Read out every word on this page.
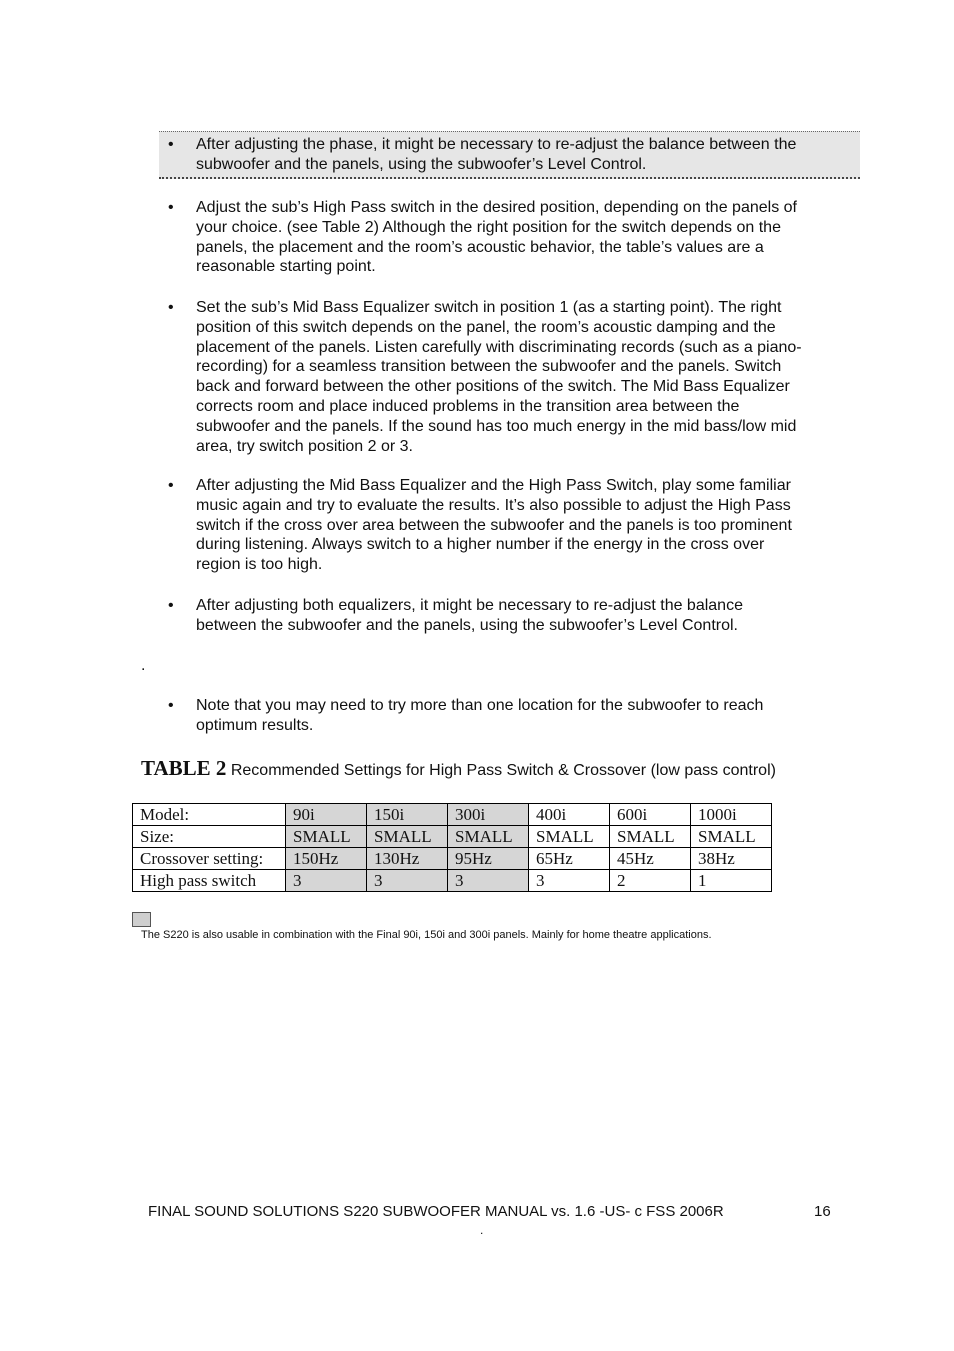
• After adjusting the phase, it might be necessary to re-adjust the balance between the
subwoofer and the panels, using the subwoofer’s Level Control.
• Adjust the sub’s High Pass switch in the desired position, depending on the panels of
your choice. (see Table 2) Although the right position for the switch depends on the
panels, the placement and the room’s acoustic behavior, the table’s values are a
reasonable starting point.
• Set the sub’s Mid Bass Equalizer switch in position 1 (as a starting point). The right
position of this switch depends on the panel, the room’s acoustic damping and the
placement of the panels. Listen carefully with discriminating records (such as a piano-
recording) for a seamless transition between the subwoofer and the panels. Switch
back and forward between the other positions of the switch. The Mid Bass Equalizer
corrects room and place induced problems in the transition area between the
subwoofer and the panels. If the sound has too much energy in the mid bass/low mid
area, try switch position 2 or 3.
• After adjusting the Mid Bass Equalizer and the High Pass Switch, play some familiar
music again and try to evaluate the results. It’s also possible to adjust the High Pass
switch if the cross over area between the subwoofer and the panels is too prominent
during listening. Always switch to a higher number if the energy in the cross over
region is too high.
• After adjusting both equalizers, it might be necessary to re-adjust the balance
between the subwoofer and the panels, using the subwoofer’s Level Control.
.
• Note that you may need to try more than one location for the subwoofer to reach
optimum results.
TABLE 2 Recommended Settings for High Pass Switch & Crossover (low pass control)
Model:	90i	150i	300i	400i	600i	1000i
Size:	SMALL	SMALL	SMALL	SMALL	SMALL	SMALL
Crossover setting:	150Hz	130Hz	95Hz	65Hz	45Hz	38Hz
High pass switch	3	3	3	3	2	1
The S220 is also usable in combination with the Final 90i, 150i and 300i panels. Mainly for home theatre applications.
FINAL SOUND SOLUTIONS S220 SUBWOOFER MANUAL vs. 1.6 -US- c FSS 2006R	16
.
